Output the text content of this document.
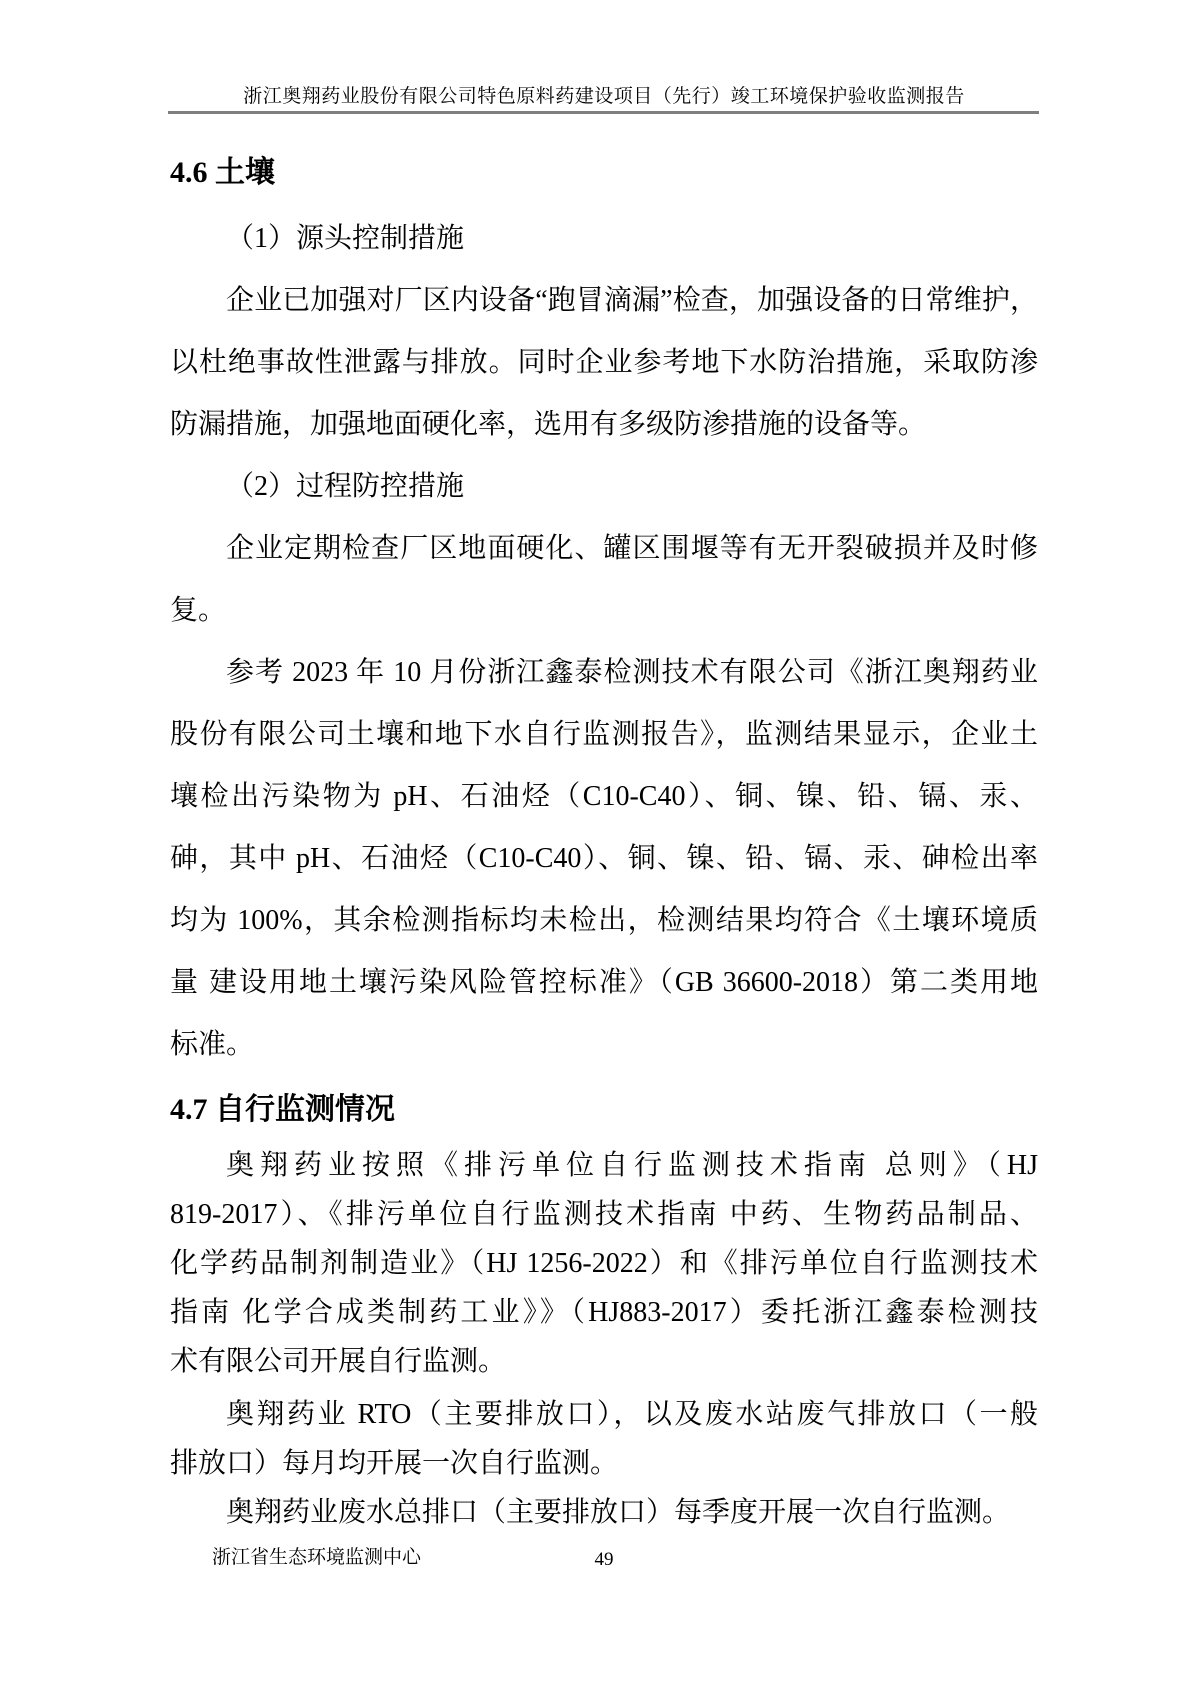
浙江奥翔药业股份有限公司特色原料药建设项目（先行）竣工环境保护验收监测报告
4.6 土壤
（1）源头控制措施
企业已加强对厂区内设备“跑冒滴漏”检查，加强设备的日常维护，
以杜绝事故性泄露与排放。同时企业参考地下水防治措施，采取防渗
防漏措施，加强地面硬化率，选用有多级防渗措施的设备等。
（2）过程防控措施
企业定期检查厂区地面硬化、罐区围堰等有无开裂破损并及时修
复。
参考 2023 年 10 月份浙江鑫泰检测技术有限公司《浙江奥翔药业
股份有限公司土壤和地下水自行监测报告》，监测结果显示，企业土
壤检出污染物为 pH、石油烃（C10-C40）、铜、镍、铅、镉、汞、
砷，其中 pH、石油烃（C10-C40）、铜、镍、铅、镉、汞、砷检出率
均为 100%，其余检测指标均未检出，检测结果均符合《土壤环境质
量 建设用地土壤污染风险管控标准》（GB 36600-2018）第二类用地
标准。
4.7 自行监测情况
奥翔药业按照《排污单位自行监测技术指南 总则》（HJ
819-2017）、《排污单位自行监测技术指南 中药、生物药品制品、
化学药品制剂制造业》（HJ 1256-2022）和《排污单位自行监测技术
指南 化学合成类制药工业》》（HJ883-2017）委托浙江鑫泰检测技
术有限公司开展自行监测。
奥翔药业 RTO（主要排放口），以及废水站废气排放口（一般
排放口）每月均开展一次自行监测。
奥翔药业废水总排口（主要排放口）每季度开展一次自行监测。
浙江省生态环境监测中心	49
